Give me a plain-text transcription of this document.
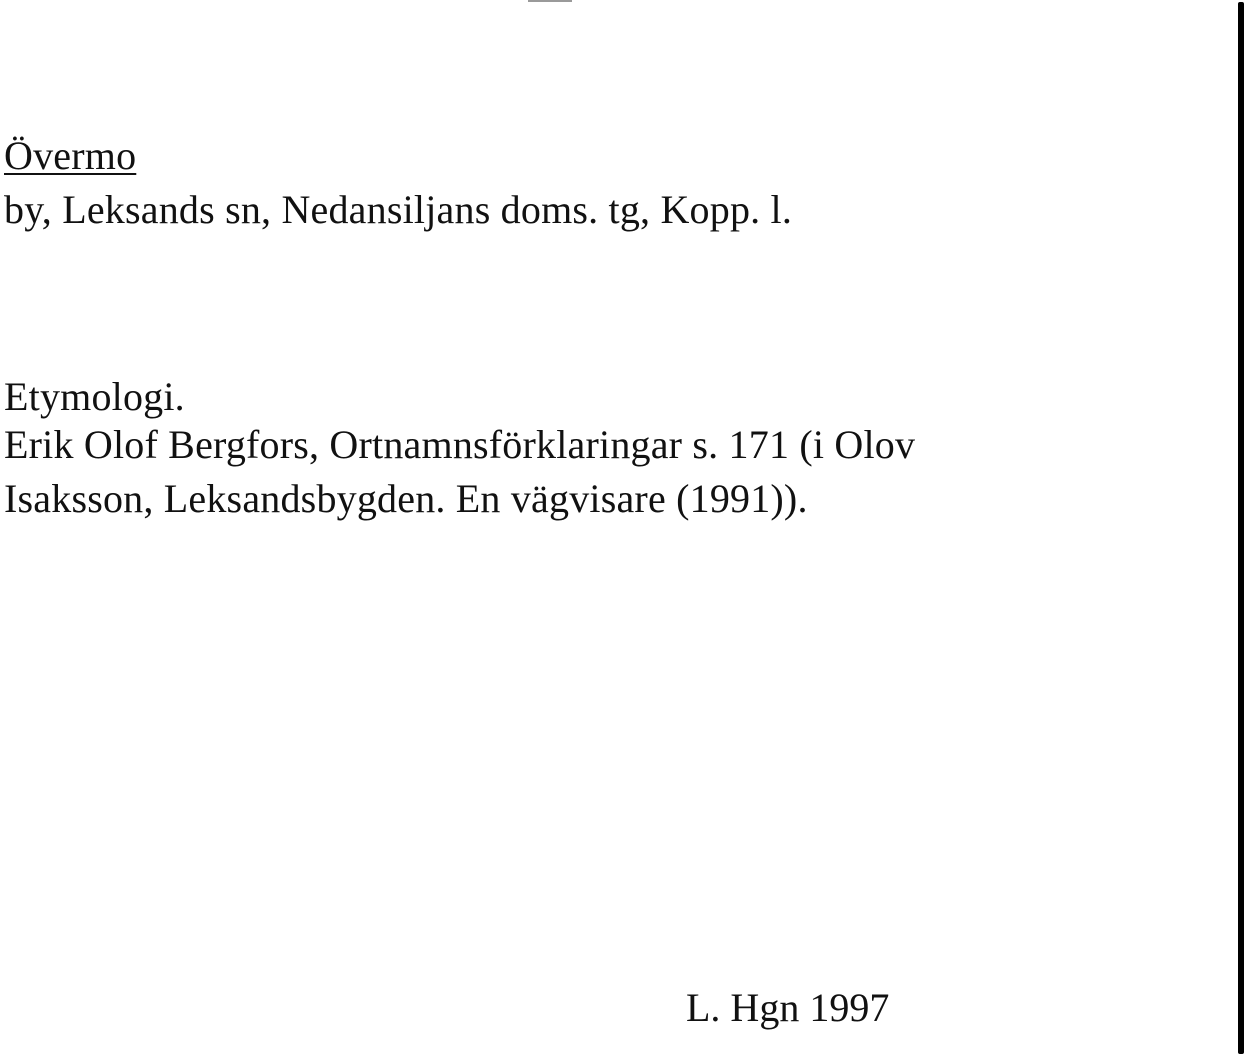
Övermo
by, Leksands sn, Nedansiljans doms. tg, Kopp. l.
Etymologi.
Erik Olof Bergfors, Ortnamnsförklaringar s. 171 (i Olov
Isaksson, Leksandsbygden. En vägvisare (1991)).
L. Hgn 1997
